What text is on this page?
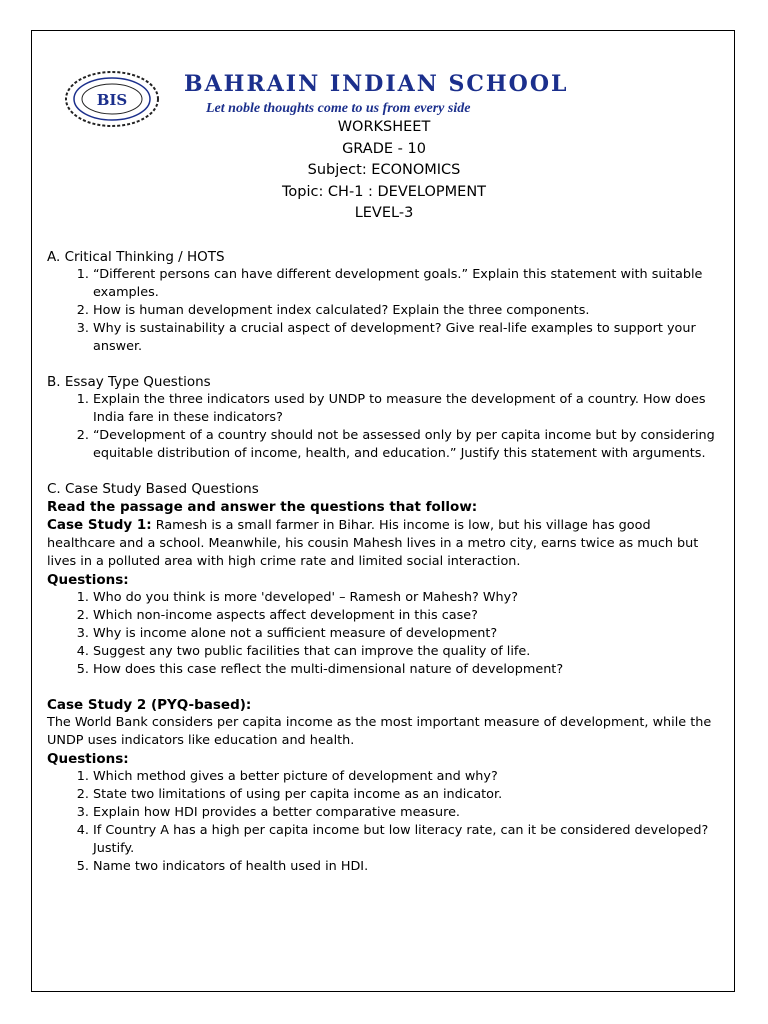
BIS
BAHRAIN INDIAN SCHOOL
Let noble thoughts come to us from every side
WORKSHEET
GRADE - 10
Subject: ECONOMICS
Topic: CH-1 : DEVELOPMENT
LEVEL-3

A. Critical Thinking / HOTS

1. “Different persons can have different development goals.” Explain this statement with suitable examples.
2. How is human development index calculated? Explain the three components.
3. Why is sustainability a crucial aspect of development? Give real-life examples to support your answer.

B. Essay Type Questions

1. Explain the three indicators used by UNDP to measure the development of a country. How does India fare in these indicators?
2. “Development of a country should not be assessed only by per capita income but by considering equitable distribution of income, health, and education.” Justify this statement with arguments.

C. Case Study Based Questions

Read the passage and answer the questions that follow:

Case Study 1: Ramesh is a small farmer in Bihar. His income is low, but his village has good healthcare and a school. Meanwhile, his cousin Mahesh lives in a metro city, earns twice as much but lives in a polluted area with high crime rate and limited social interaction.

Questions:

1. Who do you think is more 'developed' – Ramesh or Mahesh? Why?
2. Which non-income aspects affect development in this case?
3. Why is income alone not a sufficient measure of development?
4. Suggest any two public facilities that can improve the quality of life.
5. How does this case reflect the multi-dimensional nature of development?

Case Study 2 (PYQ-based):

The World Bank considers per capita income as the most important measure of development, while the UNDP uses indicators like education and health.

Questions:

1. Which method gives a better picture of development and why?
2. State two limitations of using per capita income as an indicator.
3. Explain how HDI provides a better comparative measure.
4. If Country A has a high per capita income but low literacy rate, can it be considered developed? Justify.
5. Name two indicators of health used in HDI.
